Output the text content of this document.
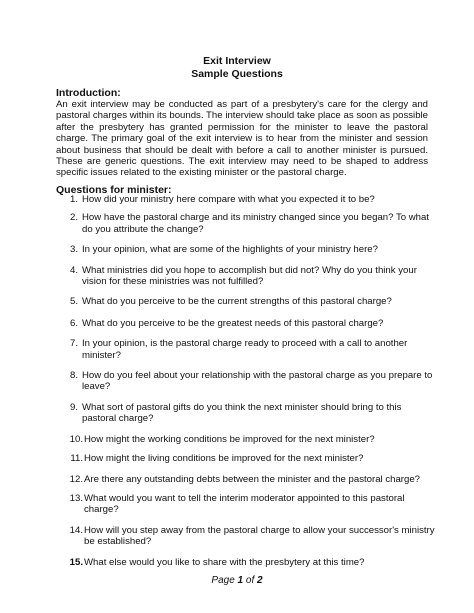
Exit Interview
Sample Questions
Introduction:
An exit interview may be conducted as part of a presbytery's care for the clergy and pastoral charges within its bounds. The interview should take place as soon as possible after the presbytery has granted permission for the minister to leave the pastoral charge. The primary goal of the exit interview is to hear from the minister and session about business that should be dealt with before a call to another minister is pursued. These are generic questions. The exit interview may need to be shaped to address specific issues related to the existing minister or the pastoral charge.
Questions for minister:
1. How did your ministry here compare with what you expected it to be?
2. How have the pastoral charge and its ministry changed since you began? To what do you attribute the change?
3. In your opinion, what are some of the highlights of your ministry here?
4. What ministries did you hope to accomplish but did not? Why do you think your vision for these ministries was not fulfilled?
5. What do you perceive to be the current strengths of this pastoral charge?
6. What do you perceive to be the greatest needs of this pastoral charge?
7. In your opinion, is the pastoral charge ready to proceed with a call to another minister?
8. How do you feel about your relationship with the pastoral charge as you prepare to leave?
9. What sort of pastoral gifts do you think the next minister should bring to this pastoral charge?
10. How might the working conditions be improved for the next minister?
11. How might the living conditions be improved for the next minister?
12. Are there any outstanding debts between the minister and the pastoral charge?
13. What would you want to tell the interim moderator appointed to this pastoral charge?
14. How will you step away from the pastoral charge to allow your successor's ministry be established?
15. What else would you like to share with the presbytery at this time?
Page 1 of 2
